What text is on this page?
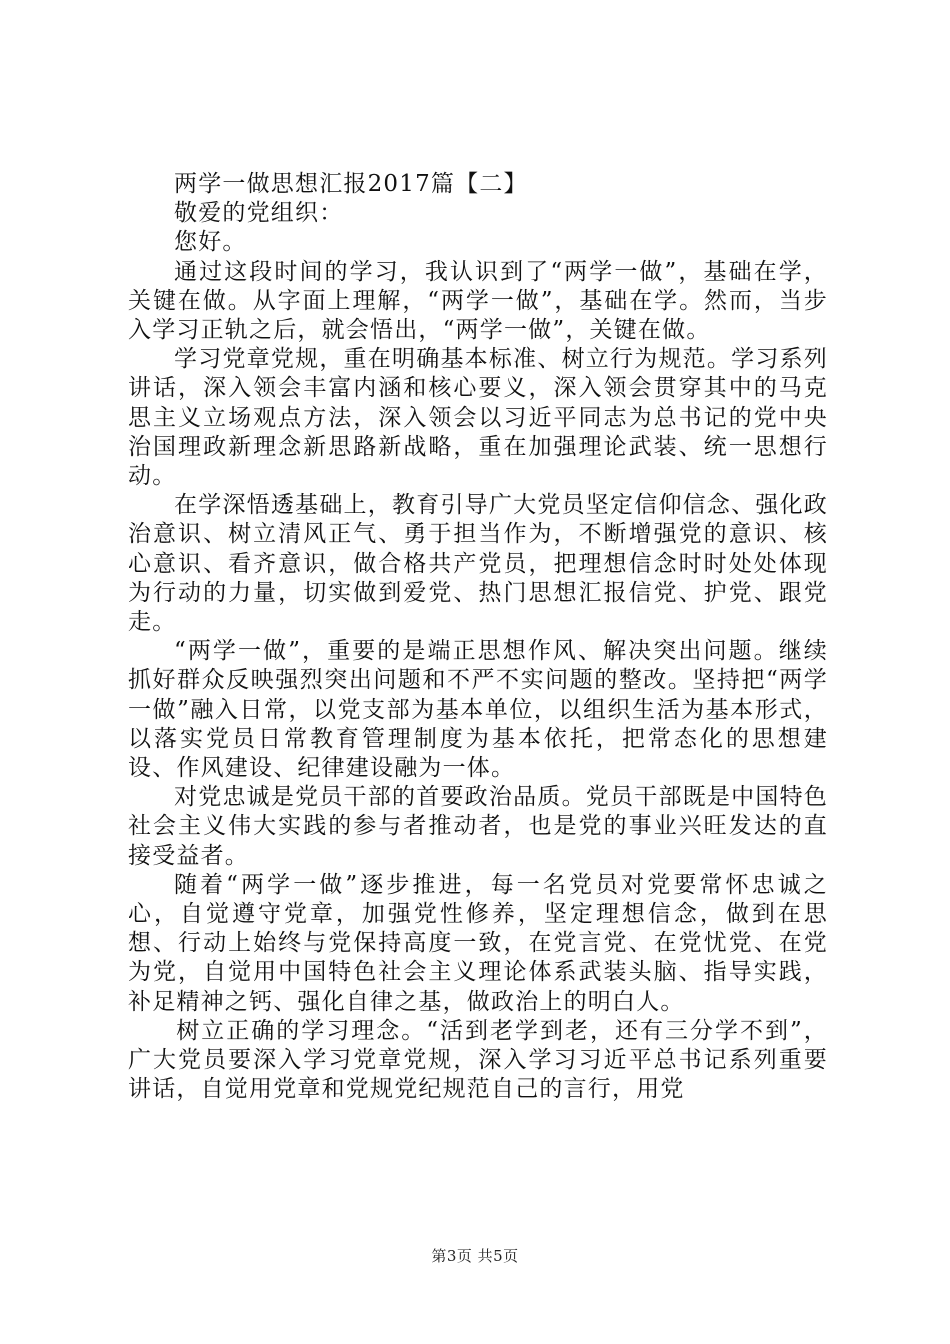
两学一做思想汇报2017篇【二】

敬爱的党组织：

您好。

通过这段时间的学习，我认识到了“两学一做”，基础在学，关键在做。从字面上理解，“两学一做”，基础在学。然而，当步入学习正轨之后，就会悟出，“两学一做”，关键在做。

学习党章党规，重在明确基本标准、树立行为规范。学习系列讲话，深入领会丰富内涵和核心要义，深入领会贯穿其中的马克思主义立场观点方法，深入领会以习近平同志为总书记的党中央治国理政新理念新思路新战略，重在加强理论武装、统一思想行动。

在学深悟透基础上，教育引导广大党员坚定信仰信念、强化政治意识、树立清风正气、勇于担当作为，不断增强党的意识、核心意识、看齐意识，做合格共产党员，把理想信念时时处处体现为行动的力量，切实做到爱党、热门思想汇报信党、护党、跟党走。

“两学一做”，重要的是端正思想作风、解决突出问题。继续抓好群众反映强烈突出问题和不严不实问题的整改。坚持把“两学一做”融入日常，以党支部为基本单位，以组织生活为基本形式，以落实党员日常教育管理制度为基本依托，把常态化的思想建设、作风建设、纪律建设融为一体。

对党忠诚是党员干部的首要政治品质。党员干部既是中国特色社会主义伟大实践的参与者推动者，也是党的事业兴旺发达的直接受益者。

随着“两学一做”逐步推进，每一名党员对党要常怀忠诚之心，自觉遵守党章，加强党性修养，坚定理想信念，做到在思想、行动上始终与党保持高度一致，在党言党、在党忧党、在党为党，自觉用中国特色社会主义理论体系武装头脑、指导实践，补足精神之钙、强化自律之基，做政治上的明白人。

树立正确的学习理念。“活到老学到老，还有三分学不到”，广大党员要深入学习党章党规，深入学习习近平总书记系列重要讲话，自觉用党章和党规党纪规范自己的言行，用党

第3页 共5页
